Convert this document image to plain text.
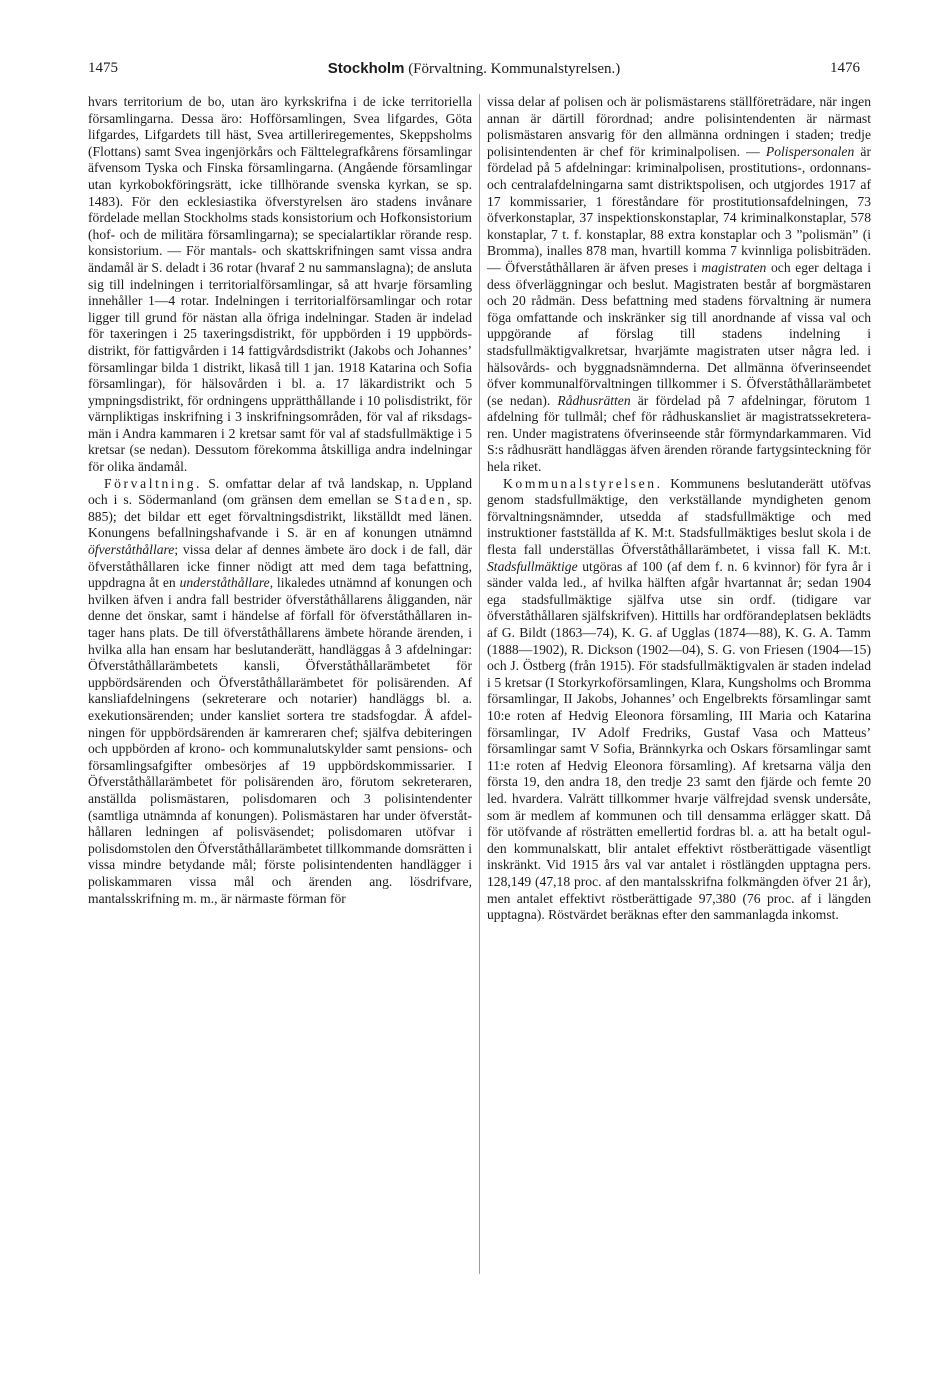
1475	Stockholm (Förvaltning. Kommunalstyrelsen.)	1476

hvars territorium de bo, utan äro kyrkskrifna i de icke territoriella församlingarna. Dessa äro: Hofförsamlingen, Svea lifgardes, Göta lifgardes, Lifgardets till häst, Svea artilleriregementes, Skeppsholms (Flottans) samt Svea ingenjörkårs och Fälttelegrafkårens församlingar äfvensom Tyska och Finska församlingarna. (Angående församlingar utan kyrkobokföringsrätt, icke tillhörande svenska kyrkan, se sp. 1483). För den ecklesiastika öfverstyrelsen äro stadens invånare fördelade mellan Stockholms stads konsistorium och Hofkonsistorium (hof- och de militära församlingarna); se specialartiklar rörande resp. konsistorium. — För mantals- och skattskrifningen samt vissa andra ändamål är S. deladt i 36 rotar (hvaraf 2 nu sammanslagna); de ansluta sig till indelningen i territorialförsamlingar, så att hvarje församling innehåller 1—4 rotar. Indelningen i territorialförsamlingar och rotar ligger till grund för nästan alla öfriga indelningar. Staden är indelad för taxeringen i 25 taxeringsdistrikt, för uppbörden i 19 uppbördsdistrikt, för fattigvården i 14 fattigvårdsdistrikt (Jakobs och Johannes’ församlingar bilda 1 distrikt, likaså till 1 jan. 1918 Katarina och Sofia församlingar), för hälsovården i bl. a. 17 läkardistrikt och 5 ympningsdistrikt, för ordningens upprätthållande i 10 polisdistrikt, för värnpliktigas inskrifning i 3 inskrifningsområden, för val af riksdagsmän i Andra kammaren i 2 kretsar samt för val af stadsfullmäktige i 5 kretsar (se nedan). Dessutom förekomma åtskilliga andra indelningar för olika ändamål.

Förvaltning. S. omfattar delar af två landskap, n. Uppland och i s. Södermanland (om gränsen dem emellan se Staden, sp. 885); det bildar ett eget förvaltningsdistrikt, likställdt med länen. Konungens befallningshafvande i S. är en af konungen utnämnd öfverståthållare; vissa delar af dennes ämbete äro dock i de fall, där öfverståthållaren icke finner nödigt att med dem taga befattning, uppdragna åt en underståthållare, likaledes utnämnd af konungen och hvilken äfven i andra fall bestrider öfverståthållarens åligganden, när denne det önskar, samt i händelse af förfall för öfverståthållaren intager hans plats. De till öfverståthållarens ämbete hörande ärenden, i hvilka alla han ensam har beslutanderätt, handläggas å 3 afdelningar: Öfverståthållarämbetets kansli, Öfverståthållarämbetet för uppbördsärenden och Öfverståthållarämbetet för polisärenden. Af kansliafdelningens (sekreterare och notarier) handläggs bl. a. exekutionsärenden; under kansliet sortera tre stadsfogdar. Å afdelningen för uppbördsärenden är kamreraren chef; själfva debiteringen och uppbörden af krono- och kommunalutskylder samt pensions- och församlingsafgifter ombesörjes af 19 uppbördskommissarier. I Öfverståthållarämbetet för polisärenden äro, förutom sekreteraren, anställda polismästaren, polisdomaren och 3 polisintendenter (samtliga utnämnda af konungen). Polismästaren har under öfverståthållaren ledningen af polisväsendet; polisdomaren utöfvar i polisdomstolen den Öfverståthållarämbetet tillkommande domsrätten i vissa mindre betydande mål; förste polisintendenten handlägger i poliskammaren vissa mål och ärenden ang. lösdrifvare, mantalsskrifning m. m., är närmaste förman för

vissa delar af polisen och är polismästarens ställföreträdare, när ingen annan är därtill förordnad; andre polisintendenten är närmast polismästaren ansvarig för den allmänna ordningen i staden; tredje polisintendenten är chef för kriminalpolisen. — Polispersonalen är fördelad på 5 afdelningar: kriminalpolisen, prostitutions-, ordonnans- och centralafdelningarna samt distriktspolisen, och utgjordes 1917 af 17 kommissarier, 1 föreståndare för prostitutionsafdelningen, 73 öfverkonstaplar, 37 inspektionskonstaplar, 74 kriminalkonstaplar, 578 konstaplar, 7 t. f. konstaplar, 88 extra konstaplar och 3 ”polismän” (i Bromma), inalles 878 man, hvartill komma 7 kvinnliga polisbiträden. — Öfverståthållaren är äfven preses i magistraten och eger deltaga i dess öfverläggningar och beslut. Magistraten består af borgmästaren och 20 rådmän. Dess befattning med stadens förvaltning är numera föga omfattande och inskränker sig till anordnande af vissa val och uppgörande af förslag till stadens indelning i stadsfullmäktigvalkretsar, hvarjämte magistraten utser några led. i hälsovårds- och byggnadsnämnderna. Det allmänna öfverinseendet öfver kommunalförvaltningen tillkommer i S. Öfverståthållarämbetet (se nedan). Rådhusrätten är fördelad på 7 afdelningar, förutom 1 afdelning för tullmål; chef för rådhuskansliet är magistratssekreteraren. Under magistratens öfverinseende står förmyndarkammaren. Vid S:s rådhusrätt handläggas äfven ärenden rörande fartygsinteckning för hela riket.

Kommunalstyrelsen. Kommunens beslutanderätt utöfvas genom stadsfullmäktige, den verkställande myndigheten genom förvaltningsnämnder, utsedda af stadsfullmäktige och med instruktioner fastställda af K. M:t. Stadsfullmäktiges beslut skola i de flesta fall underställas Öfverståthållarämbetet, i vissa fall K. M:t. Stadsfullmäktige utgöras af 100 (af dem f. n. 6 kvinnor) för fyra år i sänder valda led., af hvilka hälften afgår hvartannat år; sedan 1904 ega stadsfullmäktige själfva utse sin ordf. (tidigare var öfverståthållaren själfskrifven). Hittills har ordförandeplatsen beklädts af G. Bildt (1863—74), K. G. af Ugglas (1874—88), K. G. A. Tamm (1888—1902), R. Dickson (1902—04), S. G. von Friesen (1904—15) och J. Östberg (från 1915). För stadsfullmäktigvalen är staden indelad i 5 kretsar (I Storkyrkoförsamlingen, Klara, Kungsholms och Bromma församlingar, II Jakobs, Johannes’ och Engelbrekts församlingar samt 10:e roten af Hedvig Eleonora församling, III Maria och Katarina församlingar, IV Adolf Fredriks, Gustaf Vasa och Matteus’ församlingar samt V Sofia, Brännkyrka och Oskars församlingar samt 11:e roten af Hedvig Eleonora församling). Af kretsarna välja den första 19, den andra 18, den tredje 23 samt den fjärde och femte 20 led. hvardera. Valrätt tillkommer hvarje välfrejdad svensk undersåte, som är medlem af kommunen och till densamma erlägger skatt. Då för utöfvande af rösträtten emellertid fordras bl. a. att ha betalt ogulden kommunalskatt, blir antalet effektivt röstberättigade väsentligt inskränkt. Vid 1915 års val var antalet i röstlängden upptagna pers. 128,149 (47,18 proc. af den mantalsskrifna folkmängden öfver 21 år), men antalet effektivt röstberättigade 97,380 (76 proc. af i längden upptagna). Röstvärdet beräknas efter den sammanlagda inkomst.
